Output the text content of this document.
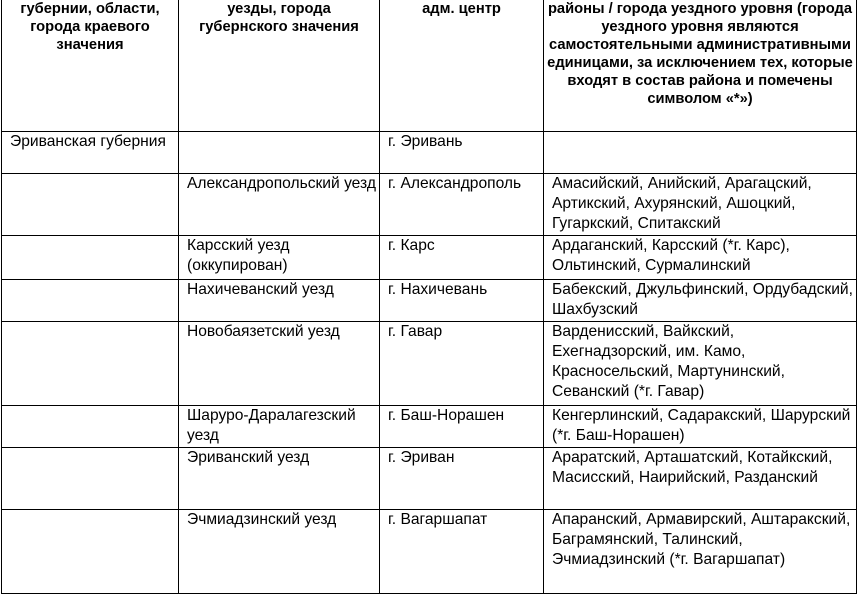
губернии, области, города краевого значения	уезды, города губернского значения	адм. центр	районы / города уездного уровня (города уездного уровня являются самостоятельными административными единицами, за исключением тех, которые входят в состав района и помечены символом «*»)
Эриванская губерния		г. Эривань	
	Александропольский уезд	г. Александрополь	Амасийский, Анийский, Арагацский, Артикский, Ахурянский, Ашоцкий, Гугаркский, Спитакский
	Карсский уезд (оккупирован)	г. Карс	Ардаганский, Карсский (*г. Карс), Ольтинский, Сурмалинский
	Нахичеванский уезд	г. Нахичевань	Бабекский, Джульфинский, Ордубадский, Шахбузский
	Новобаязетский уезд	г. Гавар	Варденисский, Вайкский, Ехегнадзорский, им. Камо, Красносельский, Мартунинский, Севанский (*г. Гавар)
	Шаруро-Даралагезский уезд	г. Баш-Норашен	Кенгерлинский, Садаракский, Шарурский (*г. Баш-Норашен)
	Эриванский уезд	г. Эриван	Араратский, Арташатский, Котайкский, Масисский, Наирийский, Разданский
	Эчмиадзинский уезд	г. Вагаршапат	Апаранский, Армавирский, Аштаракский, Баграмянский, Талинский, Эчмиадзинский (*г. Вагаршапат)
